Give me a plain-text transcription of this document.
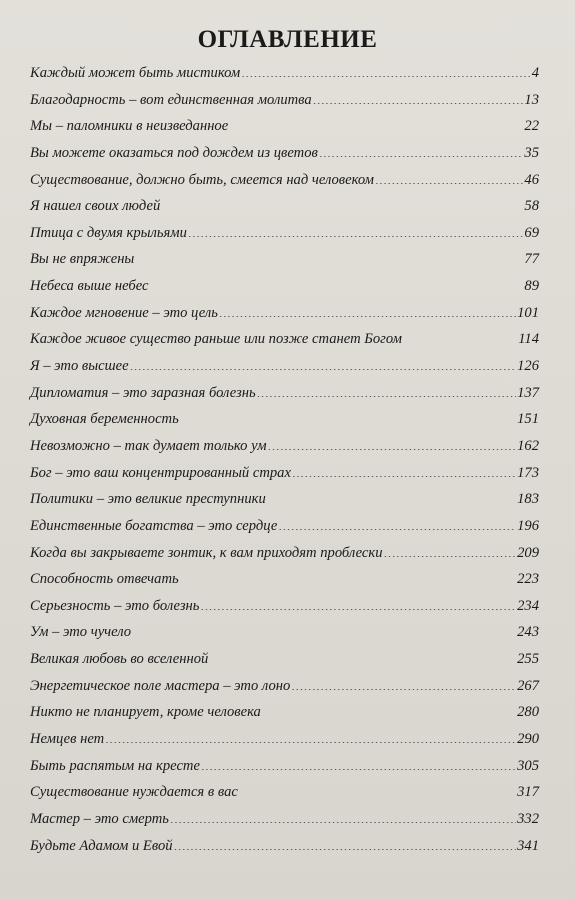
ОГЛАВЛЕНИЕ
Каждый может быть мистиком .....	4
Благодарность – вот единственная молитва .....	13
Мы – паломники в неизведанное .....	22
Вы можете оказаться под дождем из цветов .....	35
Существование, должно быть, смеется над человеком .....	46
Я нашел своих людей .....	58
Птица с двумя крыльями .....	69
Вы не впряжены .....	77
Небеса выше небес .....	89
Каждое мгновение – это цель .....	101
Каждое живое существо раньше или позже станет Богом .....	114
Я – это высшее .....	126
Дипломатия – это заразная болезнь .....	137
Духовная беременность .....	151
Невозможно – так думает только ум .....	162
Бог – это ваш концентрированный страх .....	173
Политики – это великие преступники .....	183
Единственные богатства – это сердце .....	196
Когда вы закрываете зонтик, к вам приходят проблески .....	209
Способность отвечать .....	223
Серьезность – это болезнь .....	234
Ум – это чучело .....	243
Великая любовь во вселенной .....	255
Энергетическое поле мастера – это лоно .....	267
Никто не планирует, кроме человека .....	280
Немцев нет .....	290
Быть распятым на кресте .....	305
Существование нуждается в вас .....	317
Мастер – это смерть .....	332
Будьте Адамом и Евой .....	341
